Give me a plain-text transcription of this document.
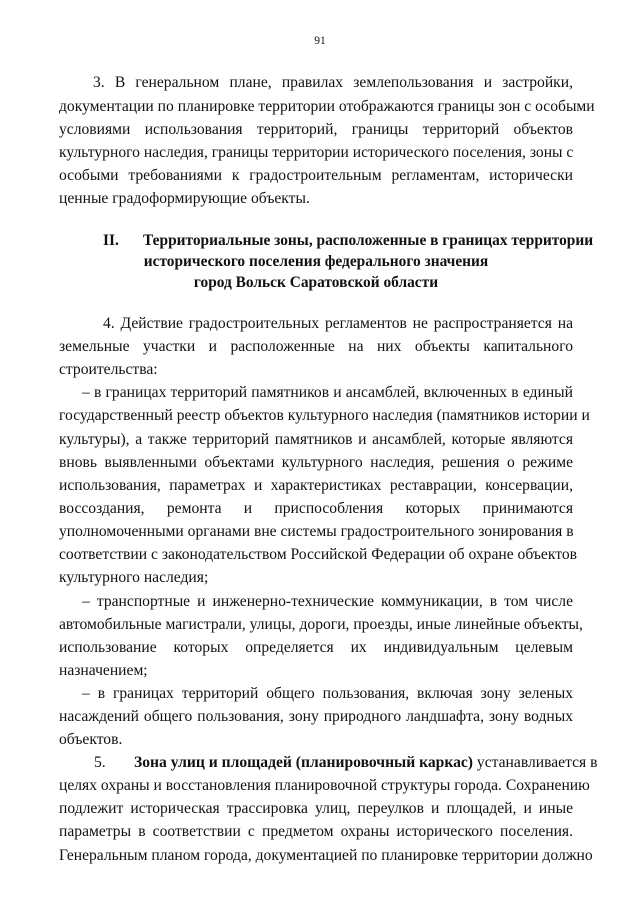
91
3. В генеральном плане, правилах землепользования и застройки,
документации по планировке территории отображаются границы зон с особыми
условиями использования территорий, границы территорий объектов
культурного наследия, границы территории исторического поселения, зоны с
особыми требованиями к градостроительным регламентам, исторически
ценные градоформирующие объекты.
II. Территориальные зоны, расположенные в границах территории
исторического поселения федерального значения
город Вольск Саратовской области
4. Действие градостроительных регламентов не распространяется на
земельные участки и расположенные на них объекты капитального
строительства:
– в границах территорий памятников и ансамблей, включенных в единый
государственный реестр объектов культурного наследия (памятников истории и
культуры), а также территорий памятников и ансамблей, которые являются
вновь выявленными объектами культурного наследия, решения о режиме
использования, параметрах и характеристиках реставрации, консервации,
воссоздания, ремонта и приспособления которых принимаются
уполномоченными органами вне системы градостроительного зонирования в
соответствии с законодательством Российской Федерации об охране объектов
культурного наследия;
– транспортные и инженерно-технические коммуникации, в том числе
автомобильные магистрали, улицы, дороги, проезды, иные линейные объекты,
использование которых определяется их индивидуальным целевым
назначением;
– в границах территорий общего пользования, включая зону зеленых
насаждений общего пользования, зону природного ландшафта, зону водных
объектов.
5. Зона улиц и площадей (планировочный каркас) устанавливается в
целях охраны и восстановления планировочной структуры города. Сохранению
подлежит историческая трассировка улиц, переулков и площадей, и иные
параметры в соответствии с предметом охраны исторического поселения.
Генеральным планом города, документацией по планировке территории должно
